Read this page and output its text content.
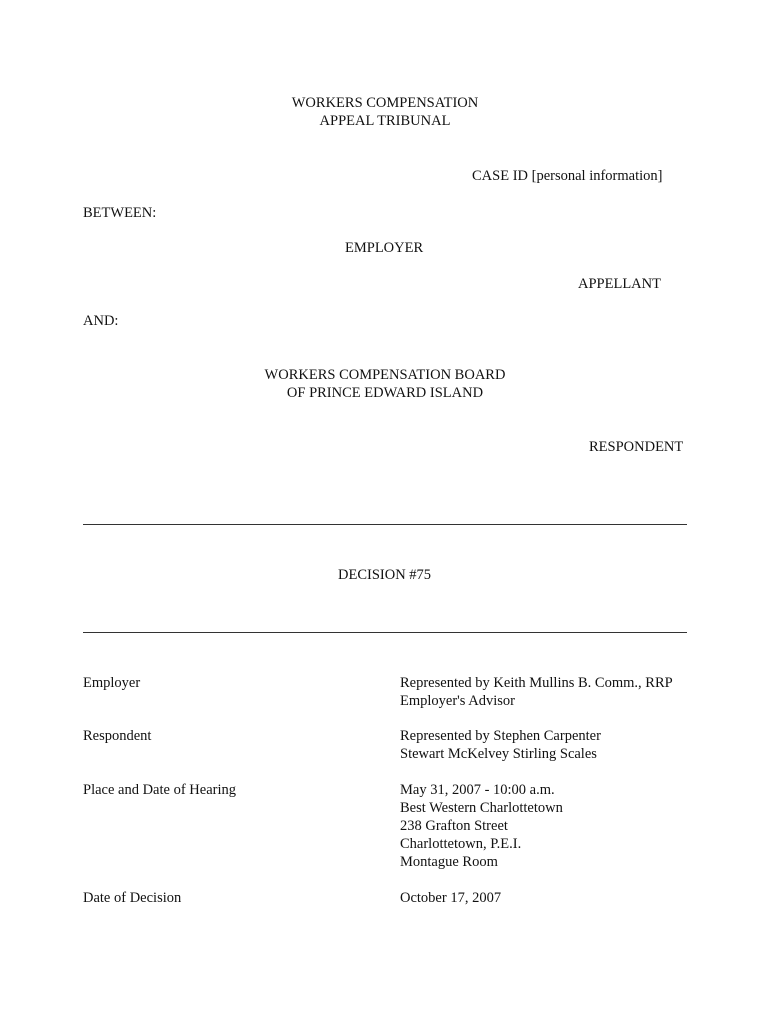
WORKERS COMPENSATION
APPEAL TRIBUNAL
CASE ID [personal information]
BETWEEN:
EMPLOYER
APPELLANT
AND:
WORKERS COMPENSATION BOARD
OF PRINCE EDWARD ISLAND
RESPONDENT
DECISION #75
Employer	Represented by Keith Mullins B. Comm., RRP
Employer's Advisor
Respondent	Represented by Stephen Carpenter
Stewart McKelvey Stirling Scales
Place and Date of Hearing	May 31, 2007 - 10:00 a.m.
Best Western Charlottetown
238 Grafton Street
Charlottetown, P.E.I.
Montague Room
Date of Decision	October 17, 2007
